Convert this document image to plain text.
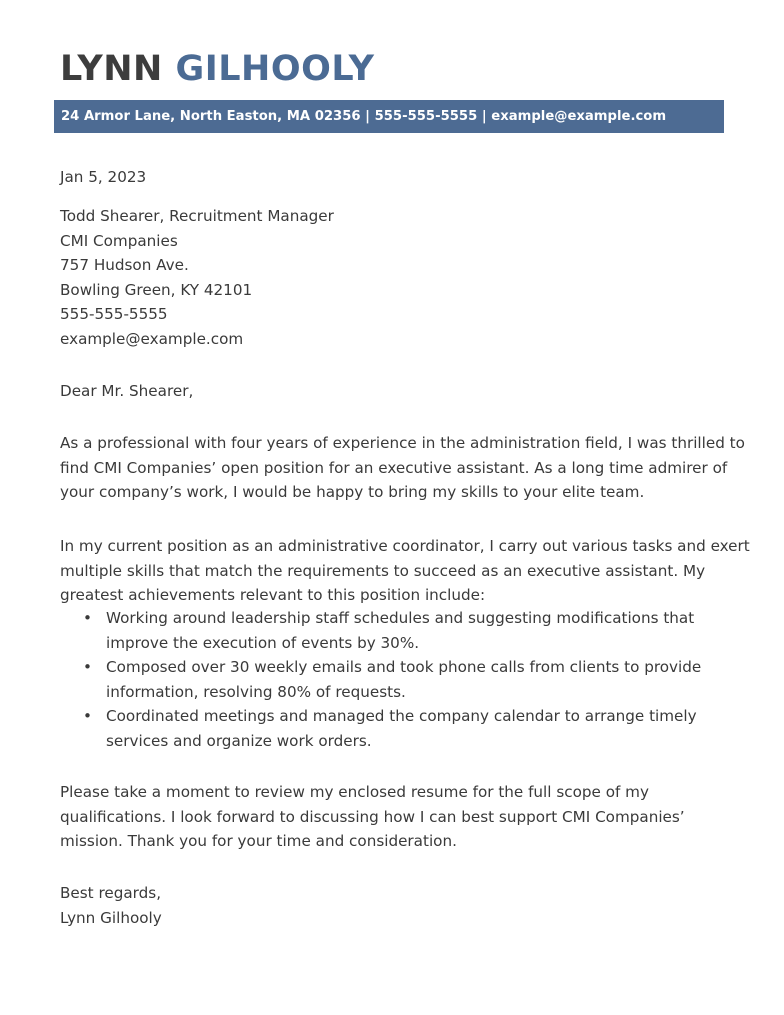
LYNN GILHOOLY
24 Armor Lane, North Easton, MA 02356 | 555-555-5555 | example@example.com
Jan 5, 2023
Todd Shearer, Recruitment Manager
CMI Companies
757 Hudson Ave.
Bowling Green, KY 42101
555-555-5555
example@example.com
Dear Mr. Shearer,
As a professional with four years of experience in the administration field, I was thrilled to
find CMI Companies’ open position for an executive assistant. As a long time admirer of
your company’s work, I would be happy to bring my skills to your elite team.
In my current position as an administrative coordinator, I carry out various tasks and exert
multiple skills that match the requirements to succeed as an executive assistant. My
greatest achievements relevant to this position include:
• Working around leadership staff schedules and suggesting modifications that
improve the execution of events by 30%.
• Composed over 30 weekly emails and took phone calls from clients to provide
information, resolving 80% of requests.
• Coordinated meetings and managed the company calendar to arrange timely
services and organize work orders.
Please take a moment to review my enclosed resume for the full scope of my
qualifications. I look forward to discussing how I can best support CMI Companies’
mission. Thank you for your time and consideration.
Best regards,
Lynn Gilhooly
